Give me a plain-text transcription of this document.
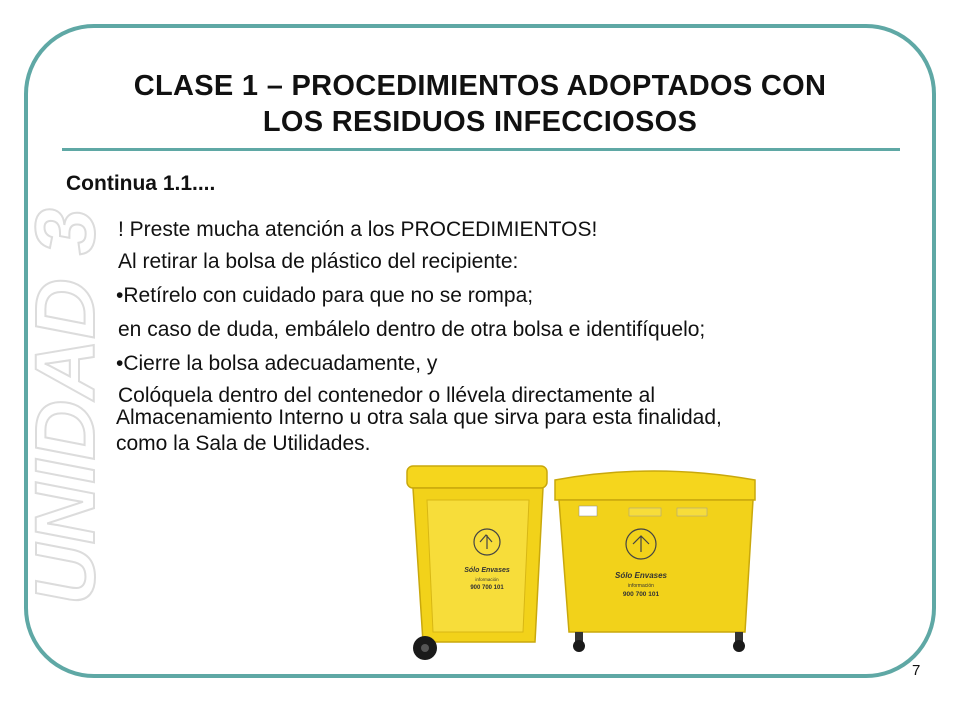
UNIDAD 3
CLASE 1 – PROCEDIMIENTOS ADOPTADOS CON
LOS RESIDUOS INFECCIOSOS
Continua 1.1....
! Preste mucha atención a los PROCEDIMIENTOS!
Al retirar la bolsa de plástico del recipiente:
•Retírelo con cuidado para que no se rompa;
en caso de duda, embálelo dentro de otra bolsa e identifíquelo;
•Cierre la bolsa adecuadamente, y
Colóquela dentro del contenedor o llévela directamente al
Almacenamiento Interno u otra sala que sirva para esta finalidad,
como la Sala de Utilidades.
Sólo Envases
información
900 700 101
Sólo Envases
información
900 700 101
7
